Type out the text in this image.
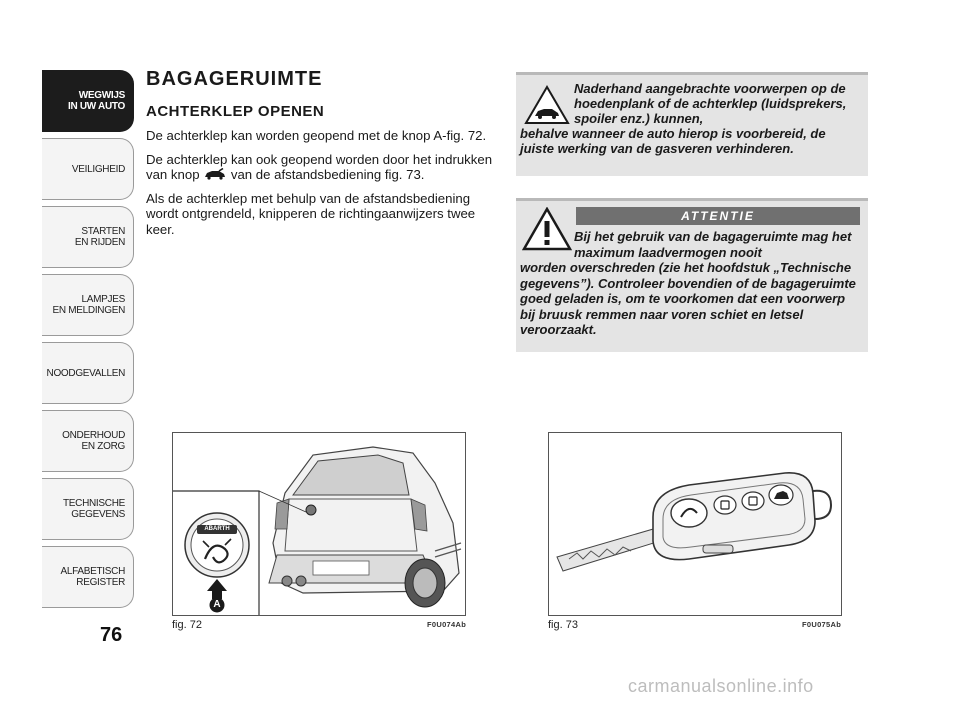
WEGWIJS
IN UW AUTO
VEILIGHEID
STARTEN
EN RIJDEN
LAMPJES
EN MELDINGEN
NOODGEVALLEN
ONDERHOUD
EN ZORG
TECHNISCHE
GEGEVENS
ALFABETISCH
REGISTER
76
BAGAGERUIMTE
ACHTERKLEP OPENEN

De achterklep kan worden geopend met de knop A-fig. 72.

De achterklep kan ook geopend worden door het indrukken van knop van de afstandsbediening fig. 73.

Als de achterklep met behulp van de afstandsbediening wordt ontgrendeld, knipperen de richtingaanwijzers twee keer.

Naderhand aangebrachte voorwerpen op de hoedenplank of de achterklep (luidsprekers, spoiler enz.) kunnen,
behalve wanneer de auto hierop is voorbereid, de juiste werking van de gasveren verhinderen.
ATTENTIE
Bij het gebruik van de bagageruimte mag het maximum laadvermogen nooit
worden overschreden (zie het hoofdstuk „Technische gegevens”). Controleer bovendien of de bagageruimte goed geladen is, om te voorkomen dat een voorwerp bij bruusk remmen naar voren schiet en letsel veroorzaakt.
ABARTH
A
fig. 72	F0U074Ab	fig. 73	F0U075Ab
carmanualsonline.info
